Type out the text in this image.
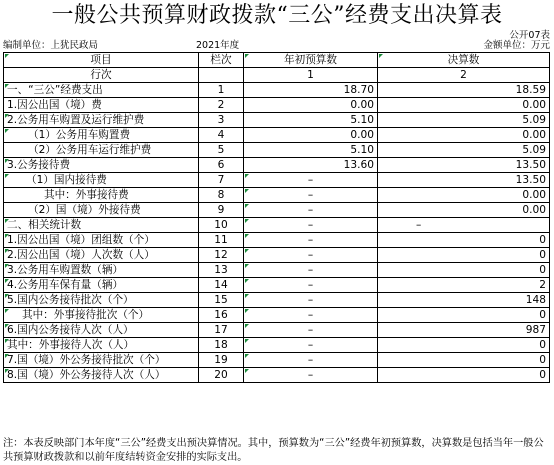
一般公共预算财政拨款“三公”经费支出决算表
公开07表
编制单位：上犹民政局	2021年度	金额单位：万元
项目	栏次	年初预算数	决算数
行次		1	2
一、“三公”经费支出	1	18.70	18.59
1.因公出国（境）费	2	0.00	0.00
2.公务用车购置及运行维护费	3	5.10	5.09
（1）公务用车购置费	4	0.00	0.00
（2）公务用车运行维护费	5	5.10	5.09
3.公务接待费	6	13.60	13.50
（1）国内接待费	7	–	13.50
其中：外事接待费	8	–	0.00
（2）国（境）外接待费	9	–	0.00
二、相关统计数	10	–	–
1.因公出国（境）团组数（个）	11	–	0
2.因公出国（境）人次数（人）	12	–	0
3.公务用车购置数（辆）	13	–	0
4.公务用车保有量（辆）	14	–	2
5.国内公务接待批次（个）	15	–	148
其中：外事接待批次（个）	16	–	0
6.国内公务接待人次（人）	17	–	987
其中：外事接待人次（人）	18	–	0
7.国（境）外公务接待批次（个）	19	–	0
8.国（境）外公务接待人次（人）	20	–	0
注：本表反映部门本年度“三公”经费支出预决算情况。其中，预算数为“三公”经费年初预算数，决算数是包括当年一般公共预算财政拨款和以前年度结转资金安排的实际支出。
